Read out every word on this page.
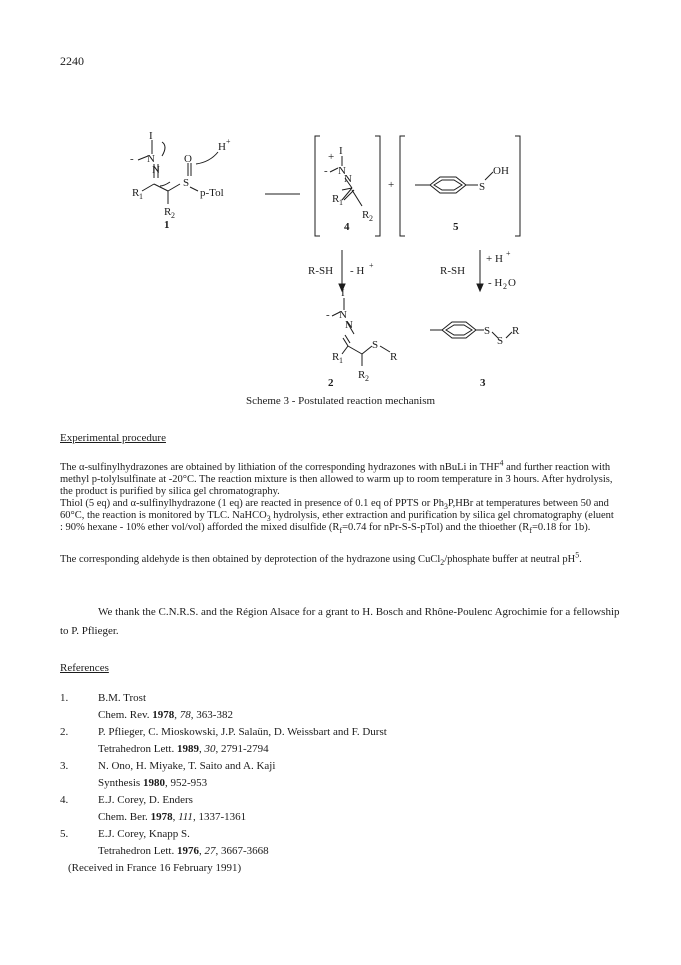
2240
I
- N
N
O
S
p-Tol
H +
R 1
R 2
1
+ I
- N
N
R 1
R 2
4
+	S
OH
5
R-SH - H +	R-SH
+ H +
- H 2 O
I
- N
N
R 1
S
R
R 2
2
S
S
R
3
Scheme 3 - Postulated reaction mechanism
Experimental procedure
The α-sulfinylhydrazones are obtained by lithiation of the corresponding hydrazones with nBuLi in THF$^4$ and further reaction with methyl p-tolylsulfinate at -20°C. The reaction mixture is then allowed to warm up to room temperature in 3 hours. After hydrolysis, the product is purified by silica gel chromatography.
Thiol (5 eq) and α-sulfinylhydrazone (1 eq) are reacted in presence of 0.1 eq of PPTS or $Ph_3P,HBr$ at temperatures between 50 and 60°C, the reaction is monitored by TLC. NaHCO$_3$ hydrolysis, ether extraction and purification by silica gel chromatography (eluent : 90% hexane - 10% ether vol/vol) afforded the mixed disulfide ($R_f=0.74$ for nPr-S-S-pTol) and the thioether ($R_f=0.18$ for 1b).
The corresponding aldehyde is then obtained by deprotection of the hydrazone using CuCl$_2$/phosphate buffer at neutral $pH^5$.
We thank the C.N.R.S. and the Région Alsace for a grant to H. Bosch and Rhône-Poulenc Agrochimie for a fellowship to P. Pflieger.
References
1.	B.M. Trost
Chem. Rev. 1978, 78, 363-382
2.	P. Pflieger, C. Mioskowski, J.P. Salaün, D. Weissbart and F. Durst
Tetrahedron Lett. 1989, 30, 2791-2794
3.	N. Ono, H. Miyake, T. Saito and A. Kaji
Synthesis 1980, 952-953
4.	E.J. Corey, D. Enders
Chem. Ber. 1978, 111, 1337-1361
5.	E.J. Corey, Knapp S.
Tetrahedron Lett. 1976, 27, 3667-3668
(Received in France 16 February 1991)
